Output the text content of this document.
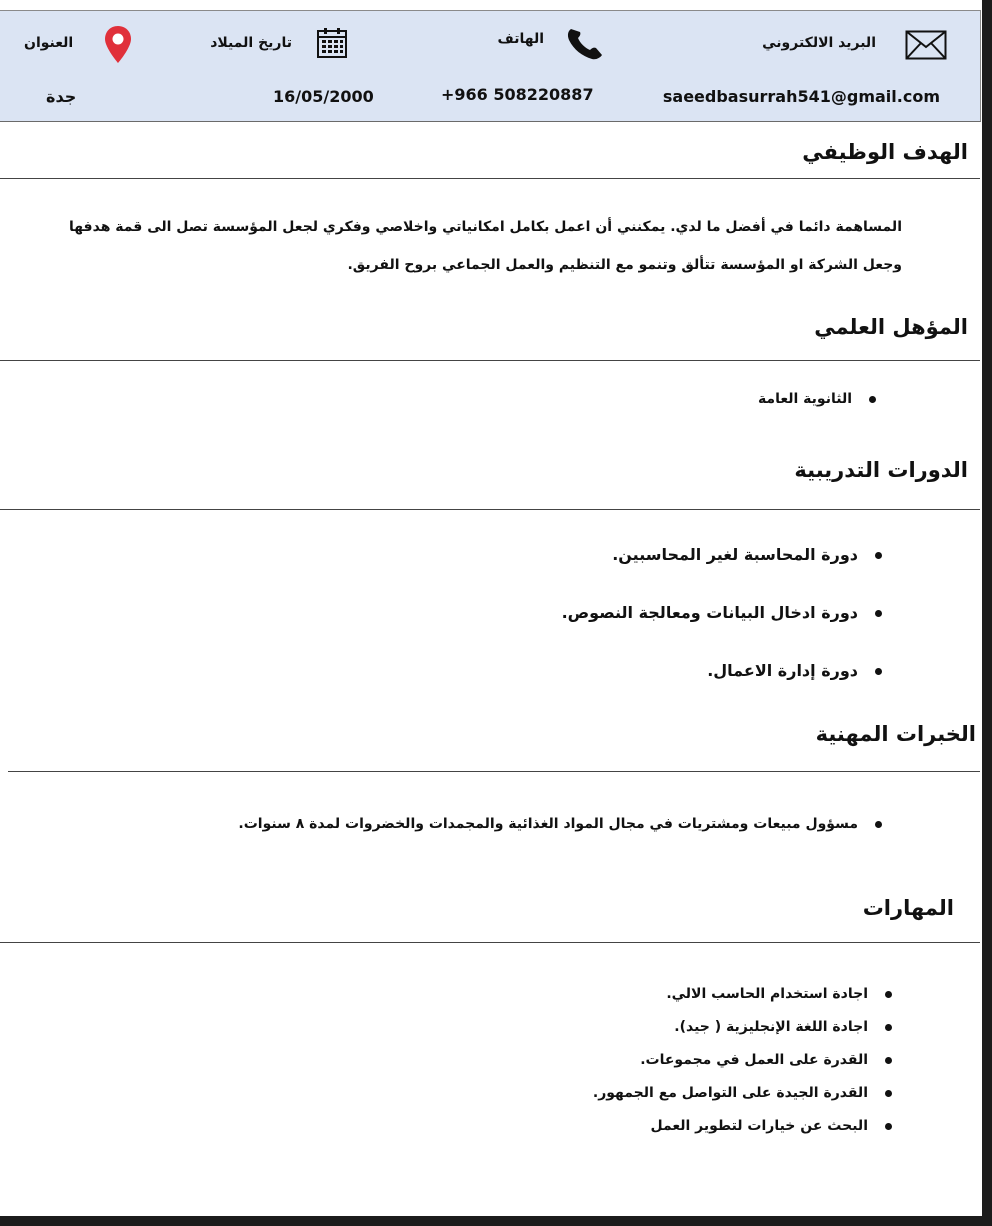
البريد الالكتروني
saeedbasurrah541@gmail.com
الهاتف
+966 508220887
تاريخ الميلاد
16/05/2000
العنوان
جدة
الهدف الوظيفي
المساهمة دائما في أفضل ما لدي. يمكنني أن اعمل بكامل امكانياتي واخلاصي وفكري لجعل المؤسسة تصل الى قمة هدفها وجعل الشركة او المؤسسة تتألق وتنمو مع التنظيم والعمل الجماعي بروح الفريق.
المؤهل العلمي
الثانوية العامة
الدورات التدريبية
دورة المحاسبة لغير المحاسبين.
دورة ادخال البيانات ومعالجة النصوص.
دورة إدارة الاعمال.
الخبرات المهنية
مسؤول مبيعات ومشتريات في مجال المواد الغذائية والمجمدات والخضروات لمدة ٨ سنوات.
المهارات
اجادة استخدام الحاسب الالي.
اجادة اللغة الإنجليزية ( جيد).
القدرة على العمل في مجموعات.
القدرة الجيدة على التواصل مع الجمهور.
البحث عن خيارات لتطوير العمل
